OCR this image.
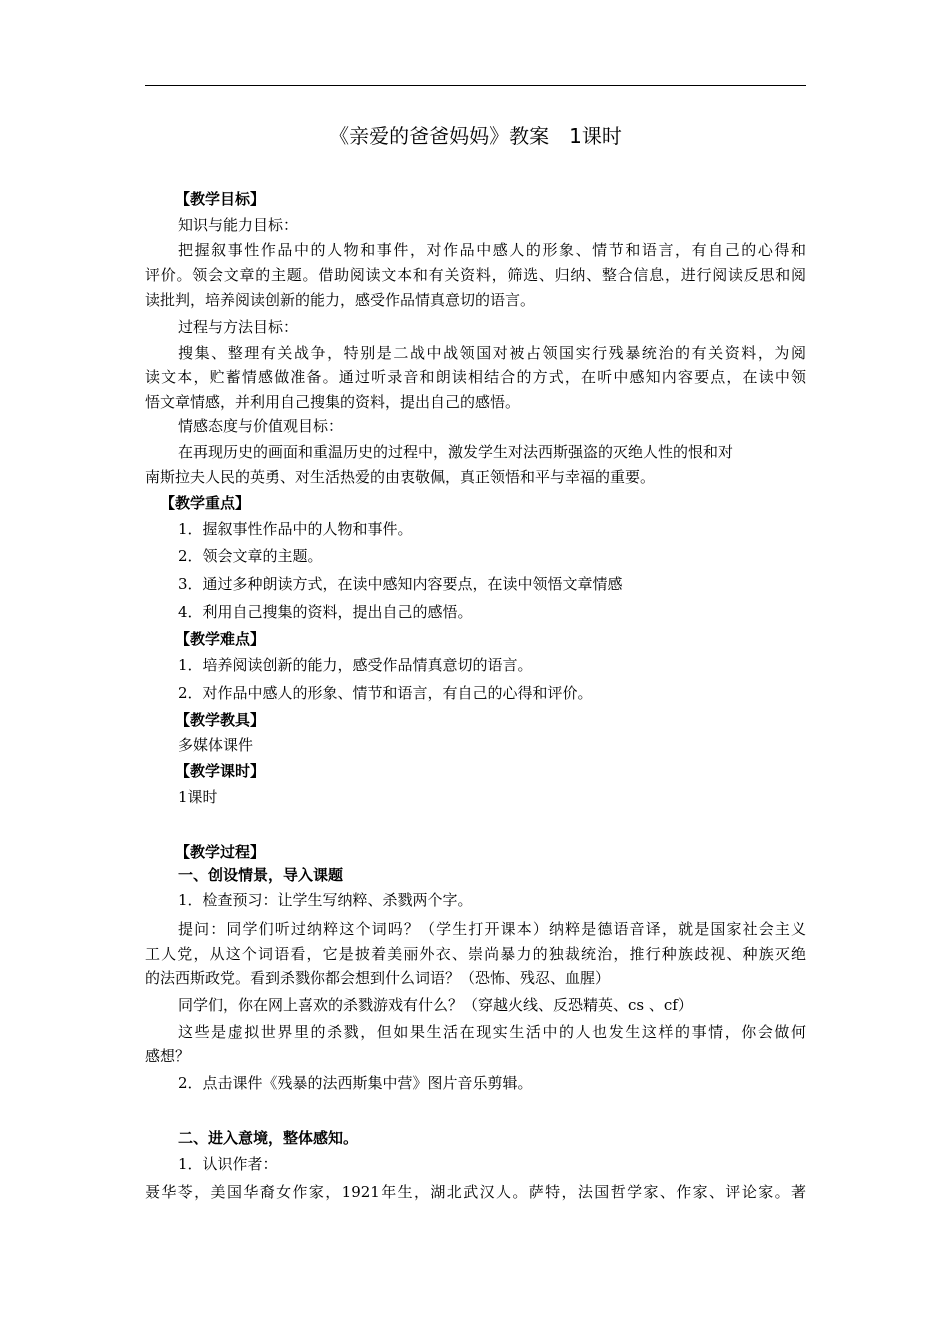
《亲爱的爸爸妈妈》教案　1课时
【教学目标】
知识与能力目标：
把握叙事性作品中的人物和事件，对作品中感人的形象、情节和语言，有自己的心得和
评价。领会文章的主题。借助阅读文本和有关资料，筛选、归纳、整合信息，进行阅读反思和阅
读批判，培养阅读创新的能力，感受作品情真意切的语言。
过程与方法目标：
搜集、整理有关战争，特别是二战中战领国对被占领国实行残暴统治的有关资料，为阅
读文本，贮蓄情感做准备。通过听录音和朗读相结合的方式，在听中感知内容要点，在读中领
悟文章情感，并利用自己搜集的资料，提出自己的感悟。
情感态度与价值观目标：
在再现历史的画面和重温历史的过程中，激发学生对法西斯强盗的灭绝人性的恨和对
南斯拉夫人民的英勇、对生活热爱的由衷敬佩，真正领悟和平与幸福的重要。
【教学重点】
1．握叙事性作品中的人物和事件。
2．领会文章的主题。
3．通过多种朗读方式，在读中感知内容要点，在读中领悟文章情感
4．利用自己搜集的资料，提出自己的感悟。
【教学难点】
1．培养阅读创新的能力，感受作品情真意切的语言。
2．对作品中感人的形象、情节和语言，有自己的心得和评价。
【教学教具】
多媒体课件
【教学课时】
1课时
【教学过程】
一、创设情景，导入课题
1．检查预习：让学生写纳粹、杀戮两个字。
提问：同学们听过纳粹这个词吗？（学生打开课本）纳粹是德语音译，就是国家社会主义
工人党，从这个词语看，它是披着美丽外衣、崇尚暴力的独裁统治，推行种族歧视、种族灭绝
的法西斯政党。看到杀戮你都会想到什么词语？（恐怖、残忍、血腥）
同学们，你在网上喜欢的杀戮游戏有什么？（穿越火线、反恐精英、cs 、cf）
这些是虚拟世界里的杀戮，但如果生活在现实生活中的人也发生这样的事情，你会做何
感想？
2．点击课件《残暴的法西斯集中营》图片音乐剪辑。
二、进入意境，整体感知。
1．认识作者：
聂华苓，美国华裔女作家，1921年生，湖北武汉人。萨特，法国哲学家、作家、评论家。著
